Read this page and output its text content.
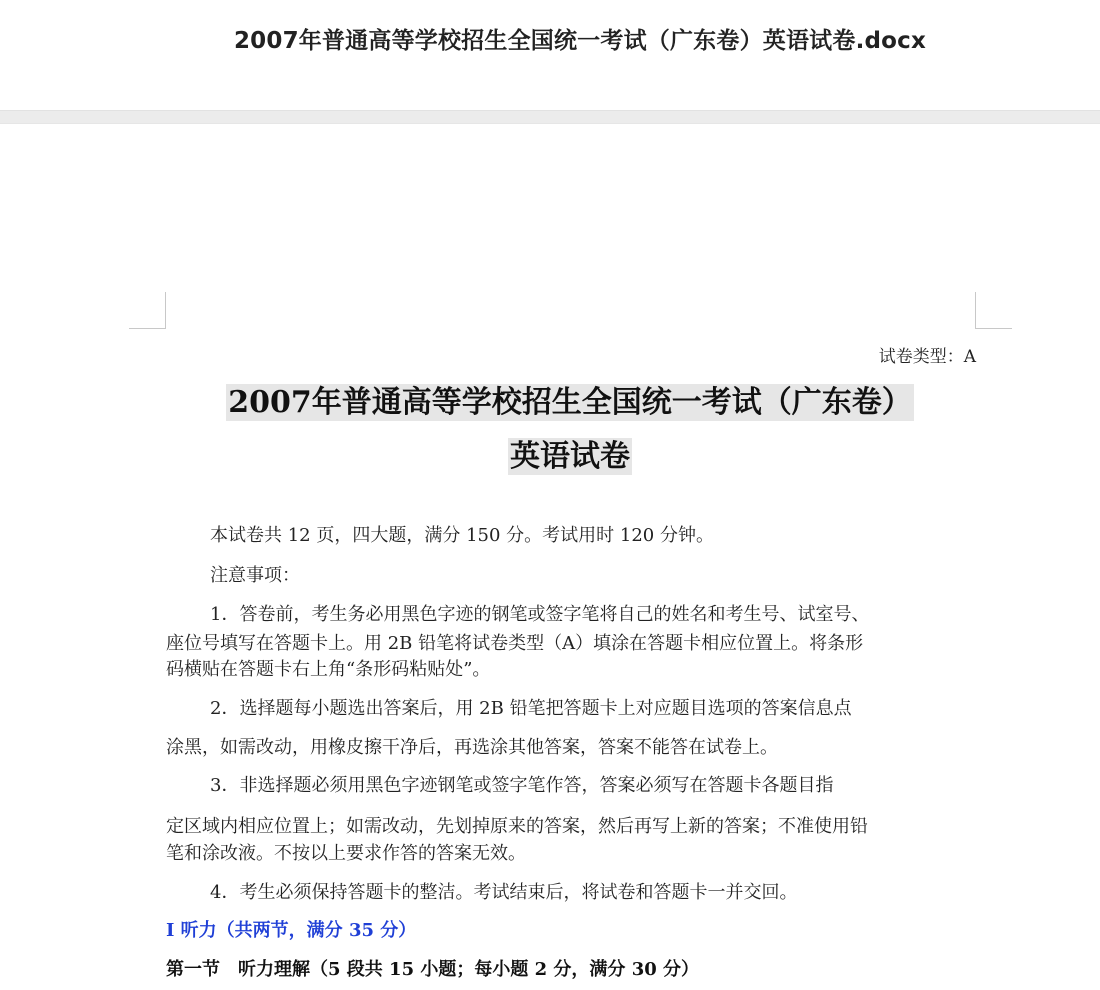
2007年普通高等学校招生全国统一考试（广东卷）英语试卷.docx
试卷类型：A
2007年普通高等学校招生全国统一考试（广东卷）
英语试卷

本试卷共 12 页，四大题，满分 150 分。考试用时 120 分钟。

注意事项：

1．答卷前，考生务必用黑色字迹的钢笔或签字笔将自己的姓名和考生号、试室号、

座位号填写在答题卡上。用 2B 铅笔将试卷类型（A）填涂在答题卡相应位置上。将条形

码横贴在答题卡右上角“条形码粘贴处”。

2．选择题每小题选出答案后，用 2B 铅笔把答题卡上对应题目选项的答案信息点

涂黑，如需改动，用橡皮擦干净后，再选涂其他答案，答案不能答在试卷上。

3．非选择题必须用黑色字迹钢笔或签字笔作答，答案必须写在答题卡各题目指

定区域内相应位置上；如需改动，先划掉原来的答案，然后再写上新的答案；不准使用铅

笔和涂改液。不按以上要求作答的答案无效。

4．考生必须保持答题卡的整洁。考试结束后，将试卷和答题卡一并交回。

I 听力（共两节，满分 35 分）

第一节　听力理解（5 段共 15 小题；每小题 2 分，满分 30 分）
